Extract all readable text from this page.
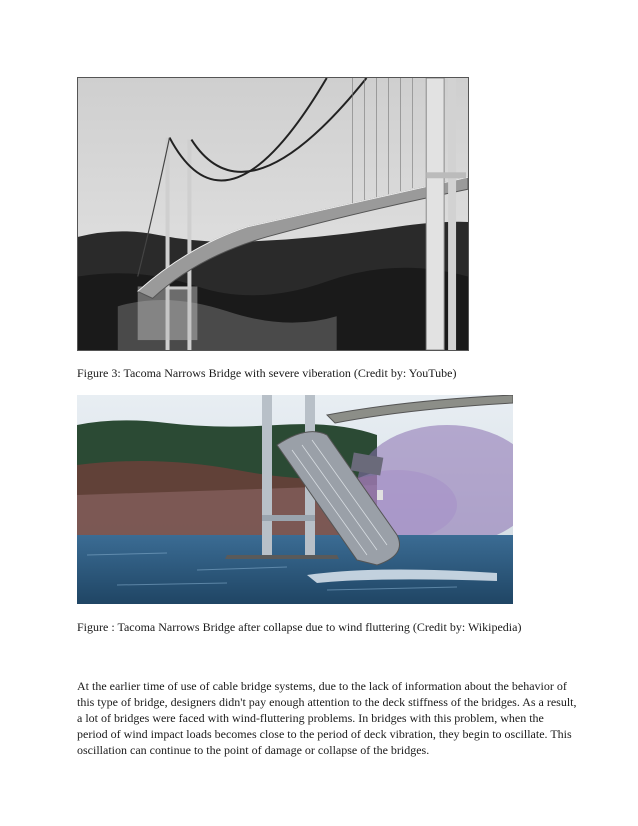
Figure 3: Tacoma Narrows Bridge with severe viberation (Credit by: YouTube)
Figure : Tacoma Narrows Bridge after collapse due to wind fluttering (Credit by: Wikipedia)

At the earlier time of use of cable bridge systems, due to the lack of information about the behavior of this type of bridge, designers didn't pay enough attention to the deck stiffness of the bridges. As a result, a lot of bridges were faced with wind-fluttering problems. In bridges with this problem, when the period of wind impact loads becomes close to the period of deck vibration, they begin to oscillate. This oscillation can continue to the point of damage or collapse of the bridges.
